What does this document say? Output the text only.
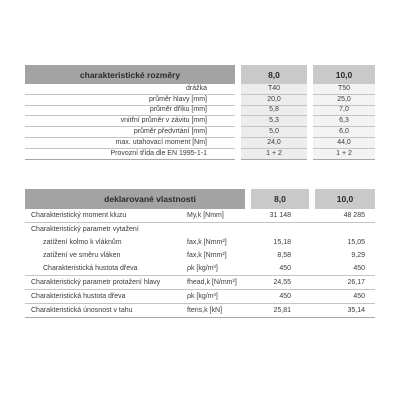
charakteristické rozměry		8,0		10,0
drážka		T40		T50
průměr hlavy [mm]		20,0		25,0
průměr dříku [mm]		5,8		7,0
vnitřní průměr v závitu [mm]		5,3		6,3
průměr předvrtání [mm]		5,0		6,0
max. utahovací moment [Nm]		24,0		44,0
Provozní třída dle EN 1995-1-1		1 + 2		1 + 2
deklarované vlastnosti			8,0		10,0
Charakteristický moment kluzu	My,k [Nmm]		31 148		48 285
Charakteristický parametr vytažení					
zatížení kolmo k vláknům	fax,k [Nmm²]		15,18		15,05
zatížení ve směru vláken	fax,k [Nmm²]		8,58		9,29
Charakteristická hustota dřeva	ρk [kg/m³]		450		450
Charakteristický parametr protažení hlavy	fhead,k [N/mm²]		24,55		26,17
Charakteristická hustota dřeva	ρk [kg/m³]		450		450
Charakteristická únosnost v tahu	ftens,k [kN]		25,81		35,14
